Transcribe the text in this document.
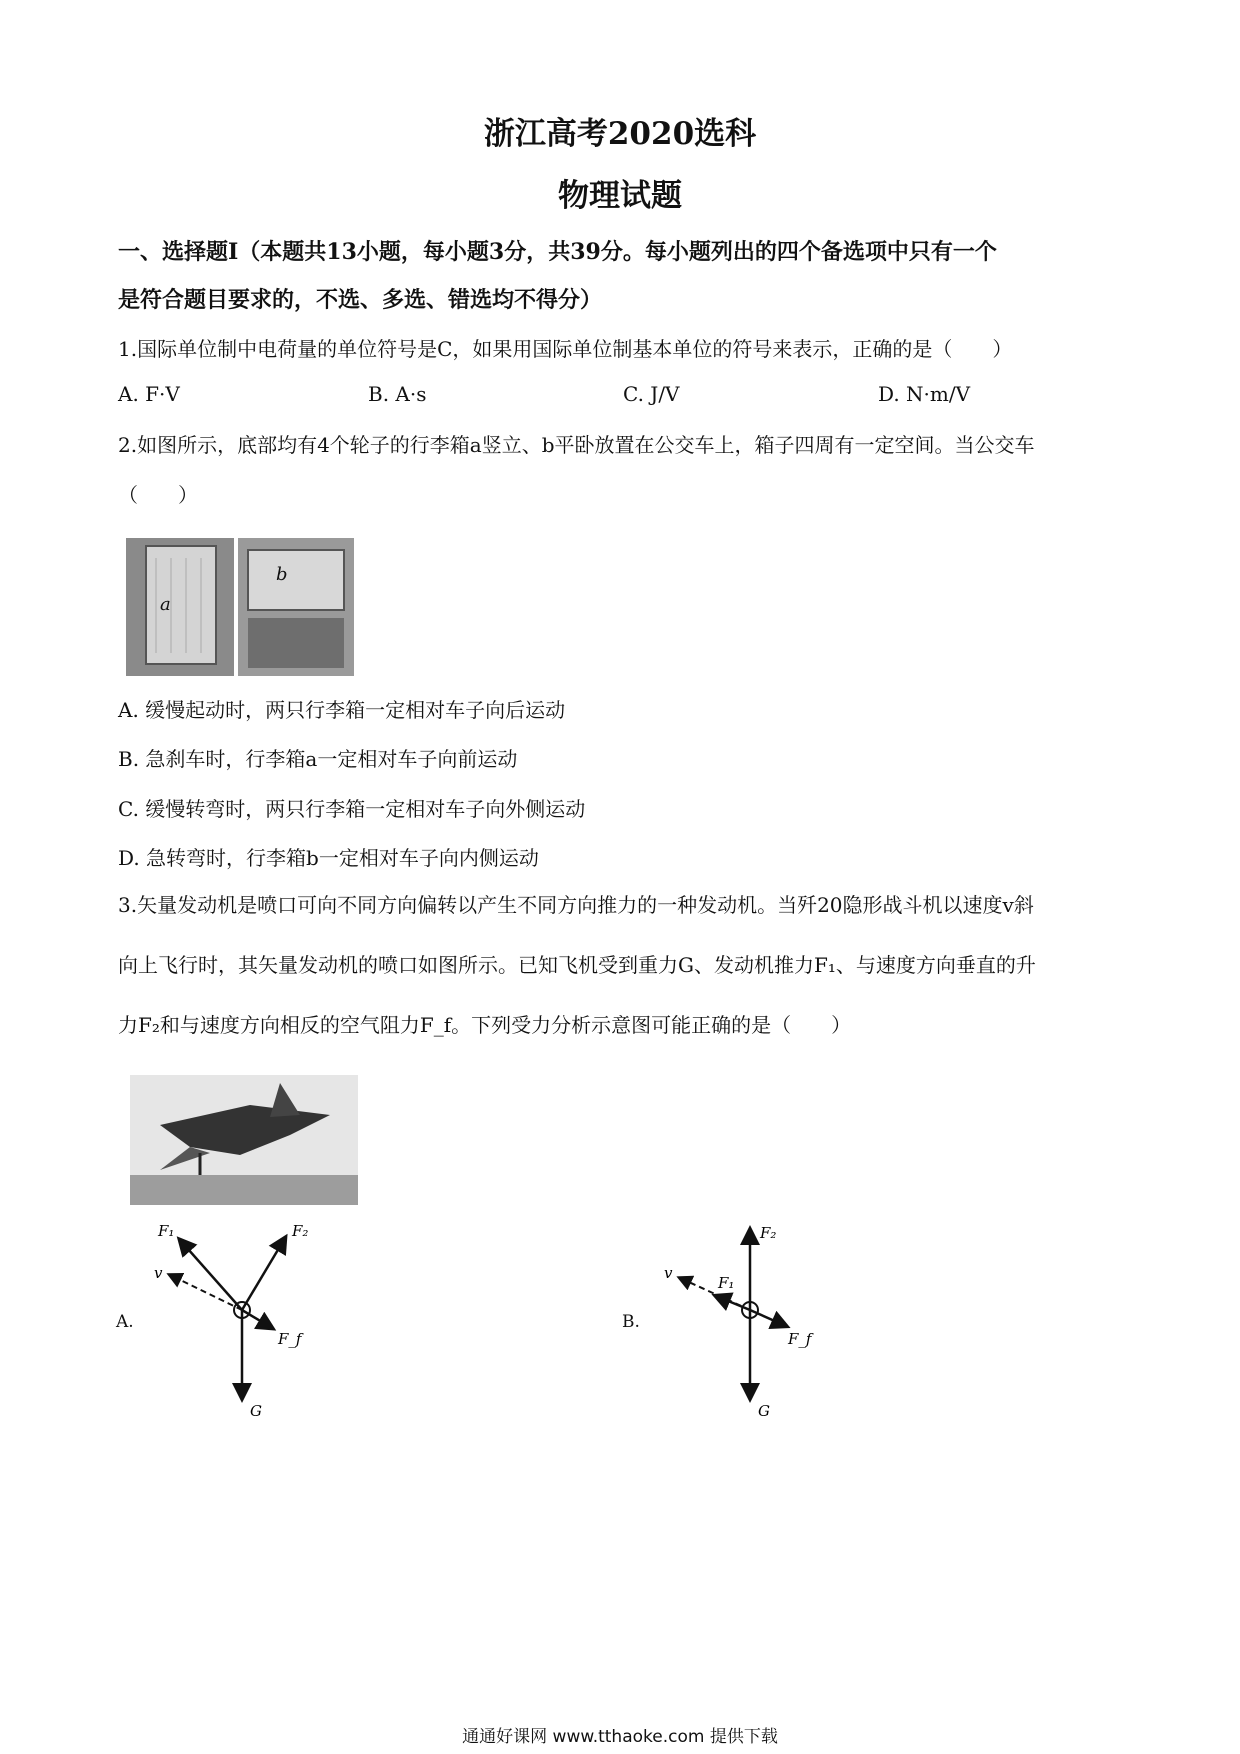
浙江高考2020选科
物理试题
一、选择题Ⅰ（本题共13小题，每小题3分，共39分。每小题列出的四个备选项中只有一个
是符合题目要求的，不选、多选、错选均不得分）
1.国际单位制中电荷量的单位符号是C，如果用国际单位制基本单位的符号来表示，正确的是（　　）
A. F·V	B. A·s	C. J/V	D. N·m/V
2.如图所示，底部均有4个轮子的行李箱a竖立、b平卧放置在公交车上，箱子四周有一定空间。当公交车
（　　）
a
b
A. 缓慢起动时，两只行李箱一定相对车子向后运动
B. 急刹车时，行李箱a一定相对车子向前运动
C. 缓慢转弯时，两只行李箱一定相对车子向外侧运动
D. 急转弯时，行李箱b一定相对车子向内侧运动
3.矢量发动机是喷口可向不同方向偏转以产生不同方向推力的一种发动机。当歼20隐形战斗机以速度v斜
向上飞行时，其矢量发动机的喷口如图所示。已知飞机受到重力G、发动机推力F₁、与速度方向垂直的升
力F₂和与速度方向相反的空气阻力F_f。下列受力分析示意图可能正确的是（　　）
A.
F₁	F₂
v
F_f
G
B.
F₂
v
F₁
F_f
G
通通好课网 www.tthaoke.com 提供下载
